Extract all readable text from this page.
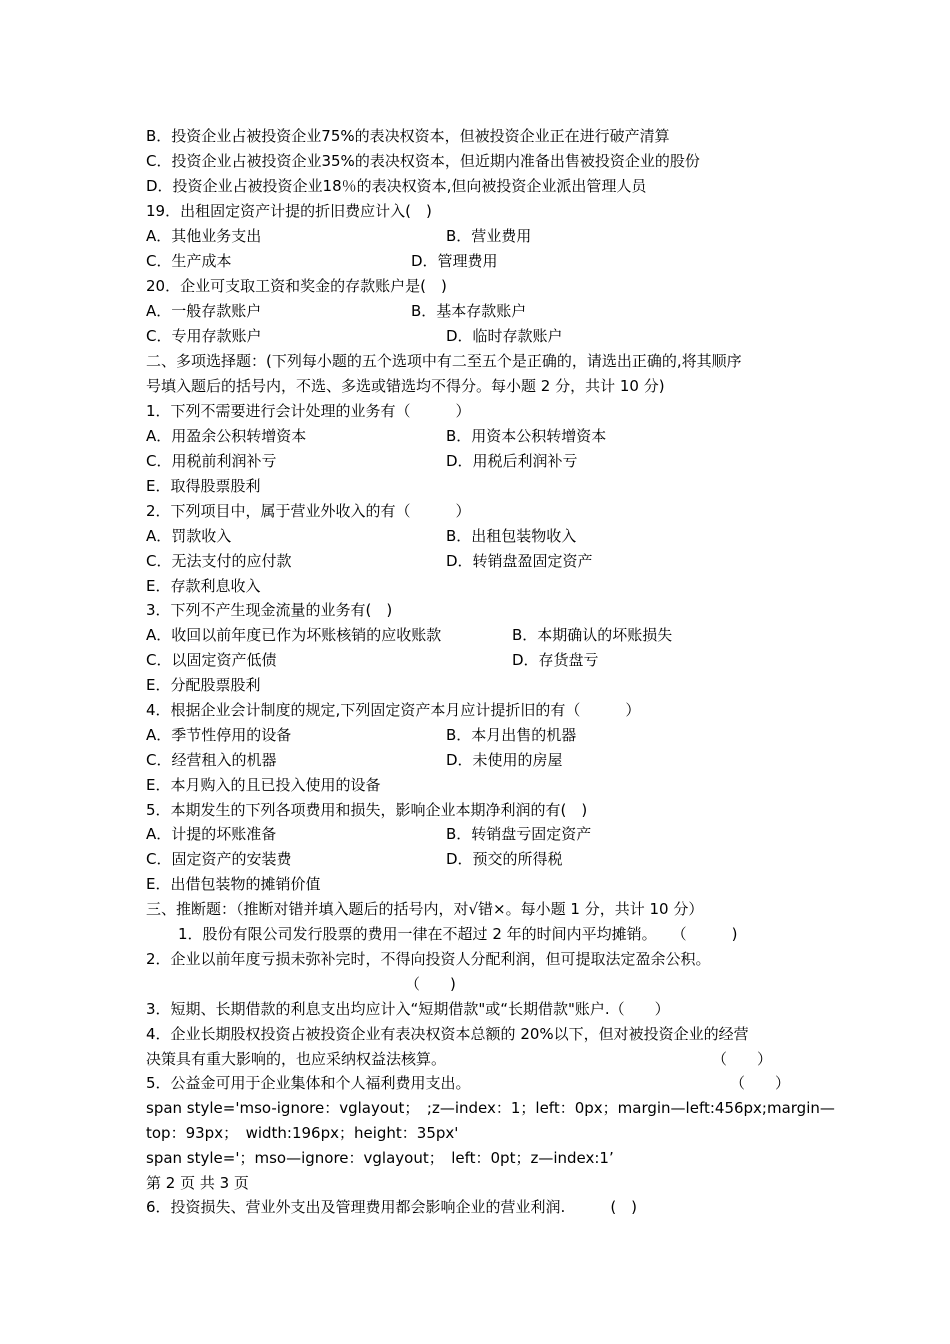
B．投资企业占被投资企业75%的表决权资本，但被投资企业正在进行破产清算
C．投资企业占被投资企业35%的表决权资本，但近期内准备出售被投资企业的股份
D．投资企业占被投资企业18％的表决权资本,但向被投资企业派出管理人员
19．出租固定资产计提的折旧费应计入(　)
A．其他业务支出	B．营业费用
C．生产成本	D．管理费用
20．企业可支取工资和奖金的存款账户是(　)
A．一般存款账户	B．基本存款账户
C．专用存款账户	D．临时存款账户
二、多项选择题：(下列每小题的五个选项中有二至五个是正确的，请选出正确的,将其顺序
号填入题后的括号内，不选、多选或错选均不得分。每小题 2 分，共计 10 分)
1．下列不需要进行会计处理的业务有（　　　）
A．用盈余公积转增资本	B．用资本公积转增资本
C．用税前利润补亏	D．用税后利润补亏
E．取得股票股利
2．下列项目中，属于营业外收入的有（　　　）
A．罚款收入	B．出租包装物收入
C．无法支付的应付款	D．转销盘盈固定资产
E．存款利息收入
3．下列不产生现金流量的业务有(　)
A．收回以前年度已作为坏账核销的应收账款	B．本期确认的坏账损失
C．以固定资产低债	D．存货盘亏
E．分配股票股利
4．根据企业会计制度的规定,下列固定资产本月应计提折旧的有（　　　）
A．季节性停用的设备	B．本月出售的机器
C．经营租入的机器	D．未使用的房屋
E．本月购入的且已投入使用的设备
5．本期发生的下列各项费用和损失，影响企业本期净利润的有(　)
A．计提的坏账准备	B．转销盘亏固定资产
C．固定资产的安装费	D．预交的所得税
E．出借包装物的摊销价值
三、推断题：（推断对错并填入题后的括号内，对√错×。每小题 1 分，共计 10 分）
1．股份有限公司发行股票的费用一律在不超过 2 年的时间内平均摊销。　　（　　　)
2．企业以前年度亏损未弥补完时，不得向投资人分配利润，但可提取法定盈余公积。
（　　)
3．短期、长期借款的利息支出均应计入“短期借款"或“长期借款"账户.（　　）
4．企业长期股权投资占被投资企业有表决权资本总额的 20%以下，但对被投资企业的经营
决策具有重大影响的，也应采纳权益法核算。	（　　）
5．公益金可用于企业集体和个人福利费用支出。	（　　）
span style='mso-ignore：vglayout；　;z—index：1；left：0px；margin—left:456px;margin—
top：93px；　width:196px；height：35px'
span style='；mso—ignore：vglayout；　left：0pt；z—index:1’
第 2 页 共 3 页
6．投资损失、营业外支出及管理费用都会影响企业的营业利润.　　　(　)
